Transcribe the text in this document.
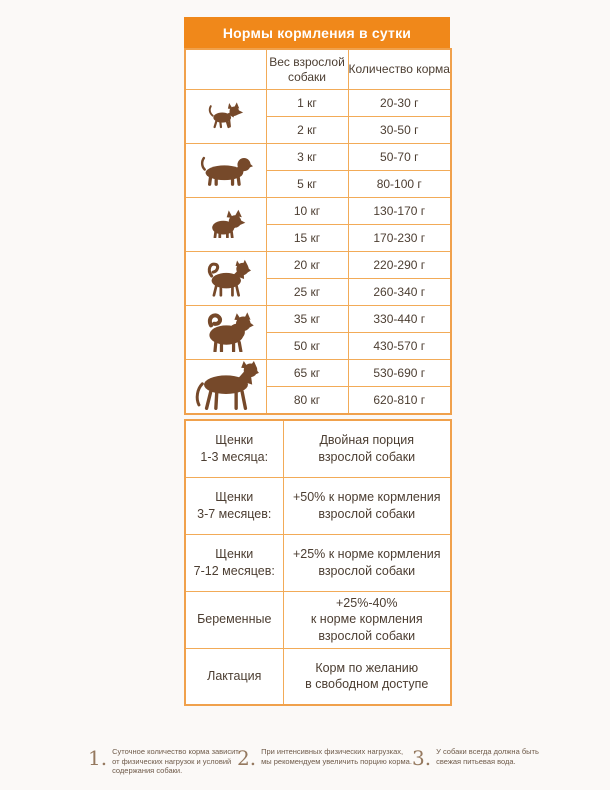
Нормы кормления в сутки
	Вес взрослой собаки	Количество корма
	1 кг	20-30 г
	2 кг	30-50 г
	3 кг	50-70 г
	5 кг	80-100 г
	10 кг	130-170 г
	15 кг	170-230 г
	20 кг	220-290 г
	25 кг	260-340 г
	35 кг	330-440 г
	50 кг	430-570 г
	65 кг	530-690 г
	80 кг	620-810 г
Щенки
1-3 месяца:	Двойная порция
взрослой собаки

Щенки
3-7 месяцев:	+50% к норме кормления
взрослой собаки

Щенки
7-12 месяцев:	+25% к норме кормления
взрослой собаки

Беременные	+25%-40%
к норме кормления
взрослой собаки

Лактация	Корм по желанию
в свободном доступе
1. Суточное количество корма зависит
от физических нагрузок и условий
содержания собаки.
2. При интенсивных физических нагрузках,
мы рекомендуем увеличить порцию корма. 3. У собаки всегда должна быть
свежая питьевая вода.
